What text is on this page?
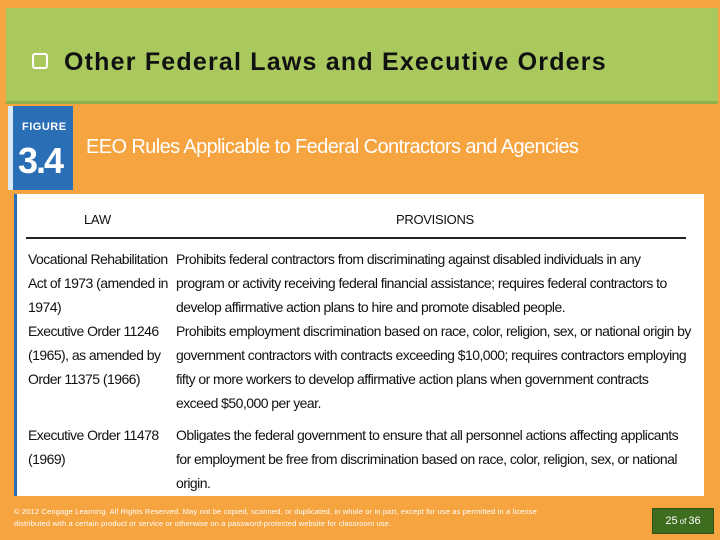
Other Federal Laws and Executive Orders
FIGURE
3.4 EEO Rules Applicable to Federal Contractors and Agencies
LAW	PROVISIONS
Vocational Rehabilitation Act of 1973 (amended in 1974)
Prohibits federal contractors from discriminating against disabled individuals in any program or activity receiving federal financial assistance; requires federal contractors to develop affirmative action plans to hire and promote disabled people.
Executive Order 11246 (1965), as amended by Order 11375 (1966)
Prohibits employment discrimination based on race, color, religion, sex, or national origin by government contractors with contracts exceeding $10,000; requires contractors employing fifty or more workers to develop affirmative action plans when government contracts exceed $50,000 per year.
Executive Order 11478 (1969)
Obligates the federal government to ensure that all personnel actions affecting applicants for employment be free from discrimination based on race, color, religion, sex, or national origin.
© 2012 Cengage Learning. All Rights Reserved. May not be copied, scanned, or duplicated, in whole or in part, except for use as permitted in a license distributed with a certain product or service or otherwise on a password-protected website for classroom use.	25 of 36
